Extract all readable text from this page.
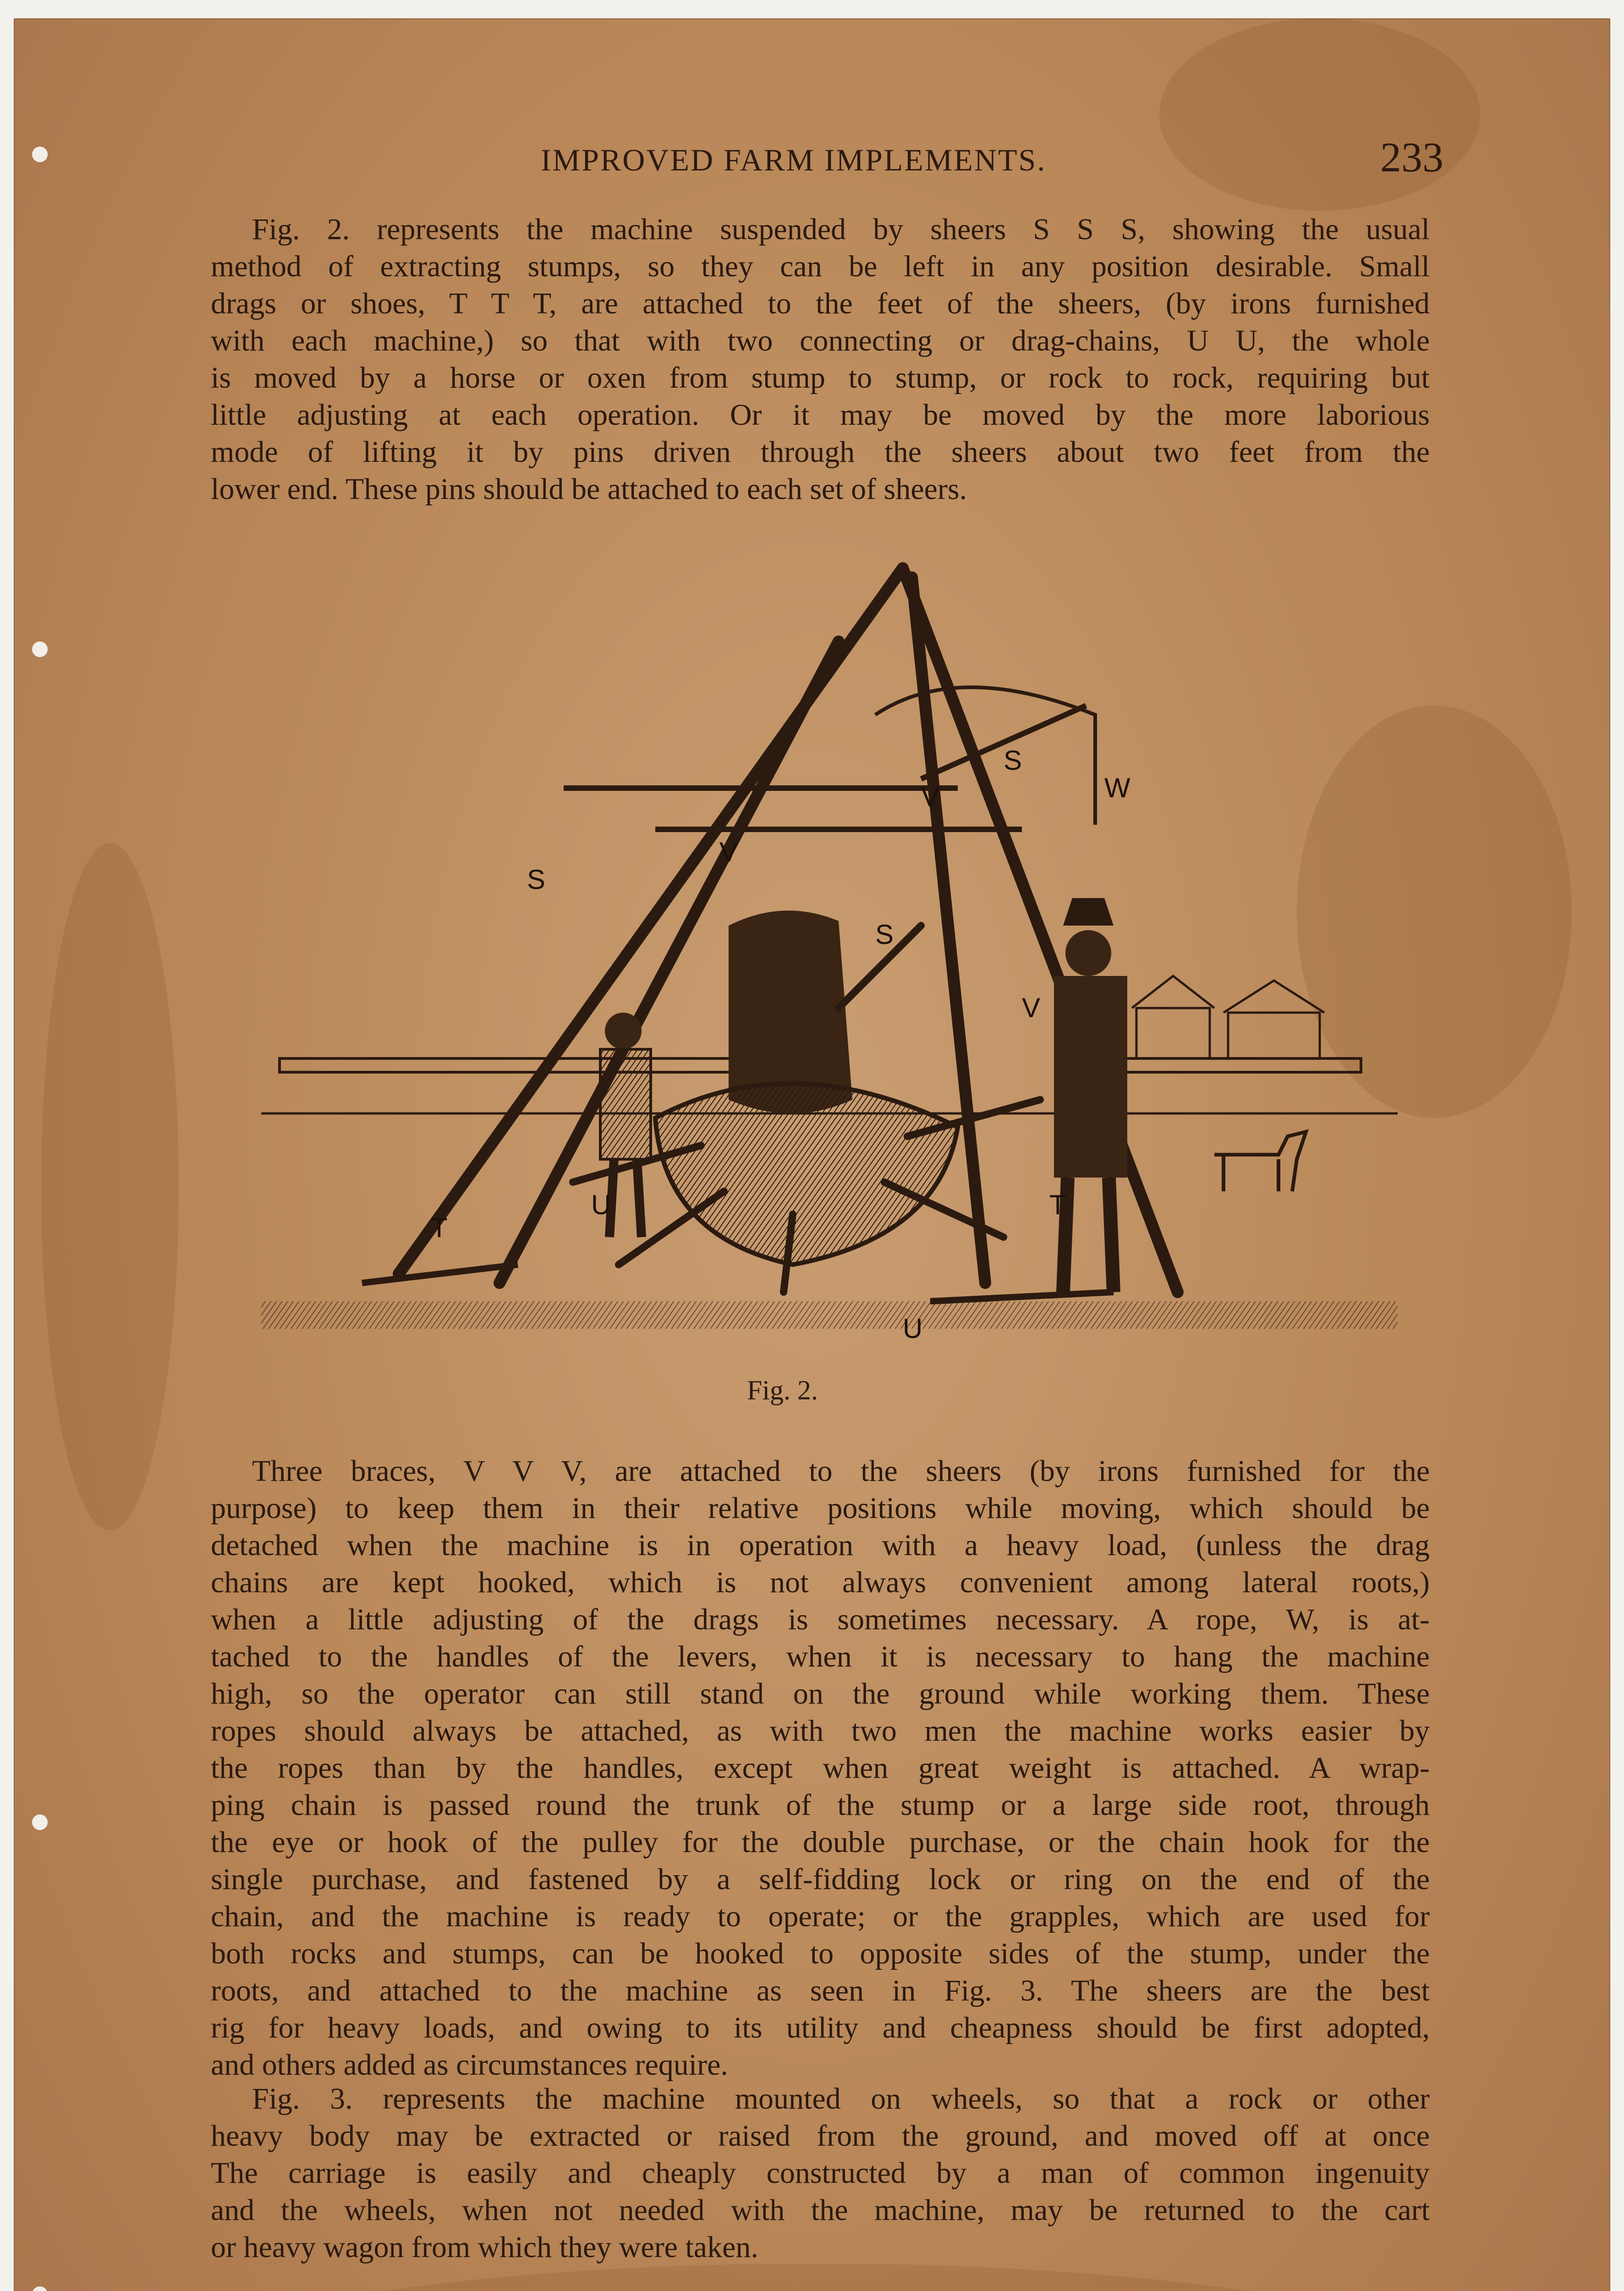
IMPROVED FARM IMPLEMENTS.	233
Fig. 2. represents the machine suspended by sheers S S S, showing the usual
method of extracting stumps, so they can be left in any position desirable. Small
drags or shoes, T T T, are attached to the feet of the sheers, (by irons furnished
with each machine,) so that with two connecting or drag-chains, U U, the whole
is moved by a horse or oxen from stump to stump, or rock to rock, requiring but
little adjusting at each operation. Or it may be moved by the more laborious
mode of lifting it by pins driven through the sheers about two feet from the
lower end. These pins should be attached to each set of sheers.
S
S
S
V
V
V
W
T
U
U
T
Fig. 2.
Three braces, V V V, are attached to the sheers (by irons furnished for the
purpose) to keep them in their relative positions while moving, which should be
detached when the machine is in operation with a heavy load, (unless the drag
chains are kept hooked, which is not always convenient among lateral roots,)
when a little adjusting of the drags is sometimes necessary. A rope, W, is at-
tached to the handles of the levers, when it is necessary to hang the machine
high, so the operator can still stand on the ground while working them. These
ropes should always be attached, as with two men the machine works easier by
the ropes than by the handles, except when great weight is attached. A wrap-
ping chain is passed round the trunk of the stump or a large side root, through
the eye or hook of the pulley for the double purchase, or the chain hook for the
single purchase, and fastened by a self-fidding lock or ring on the end of the
chain, and the machine is ready to operate; or the grapples, which are used for
both rocks and stumps, can be hooked to opposite sides of the stump, under the
roots, and attached to the machine as seen in Fig. 3. The sheers are the best
rig for heavy loads, and owing to its utility and cheapness should be first adopted,
and others added as circumstances require.
Fig. 3. represents the machine mounted on wheels, so that a rock or other
heavy body may be extracted or raised from the ground, and moved off at once
The carriage is easily and cheaply constructed by a man of common ingenuity
and the wheels, when not needed with the machine, may be returned to the cart
or heavy wagon from which they were taken.
